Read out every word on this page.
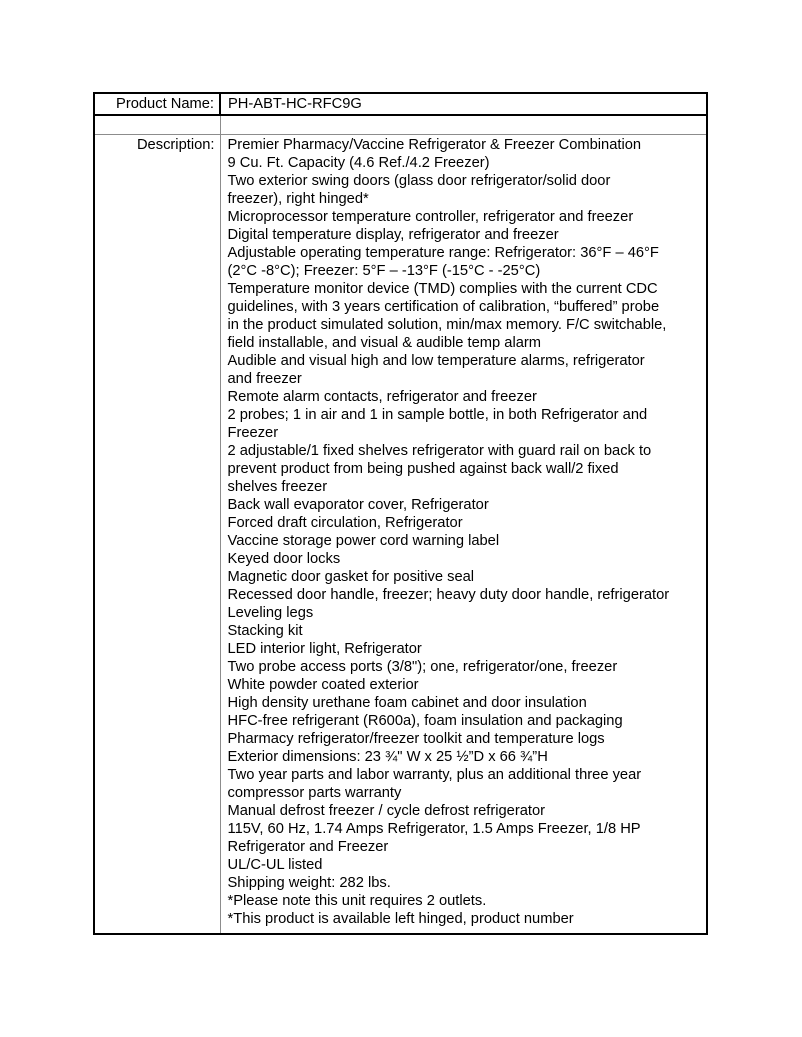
Product Name:	PH-ABT-HC-RFC9G

Description:	Premier Pharmacy/Vaccine Refrigerator & Freezer Combination
9 Cu. Ft. Capacity (4.6 Ref./4.2 Freezer)
Two exterior swing doors (glass door refrigerator/solid door
freezer), right hinged*
Microprocessor temperature controller, refrigerator and freezer
Digital temperature display, refrigerator and freezer
Adjustable operating temperature range: Refrigerator: 36°F – 46°F
(2°C -8°C); Freezer: 5°F – -13°F (-15°C - -25°C)
Temperature monitor device (TMD) complies with the current CDC
guidelines, with 3 years certification of calibration, “buffered” probe
in the product simulated solution, min/max memory. F/C switchable,
field installable, and visual & audible temp alarm
Audible and visual high and low temperature alarms, refrigerator
and freezer
Remote alarm contacts, refrigerator and freezer
2 probes; 1 in air and 1 in sample bottle, in both Refrigerator and
Freezer
2 adjustable/1 fixed shelves refrigerator with guard rail on back to
prevent product from being pushed against back wall/2 fixed
shelves freezer
Back wall evaporator cover, Refrigerator
Forced draft circulation, Refrigerator
Vaccine storage power cord warning label
Keyed door locks
Magnetic door gasket for positive seal
Recessed door handle, freezer; heavy duty door handle, refrigerator
Leveling legs
Stacking kit
LED interior light, Refrigerator
Two probe access ports (3/8"); one, refrigerator/one, freezer
White powder coated exterior
High density urethane foam cabinet and door insulation
HFC-free refrigerant (R600a), foam insulation and packaging
Pharmacy refrigerator/freezer toolkit and temperature logs
Exterior dimensions: 23 ¾" W x 25 ½”D x 66 ¾”H
Two year parts and labor warranty, plus an additional three year
compressor parts warranty
Manual defrost freezer / cycle defrost refrigerator
115V, 60 Hz, 1.74 Amps Refrigerator, 1.5 Amps Freezer, 1/8 HP
Refrigerator and Freezer
UL/C-UL listed
Shipping weight: 282 lbs.
*Please note this unit requires 2 outlets.
*This product is available left hinged, product number
